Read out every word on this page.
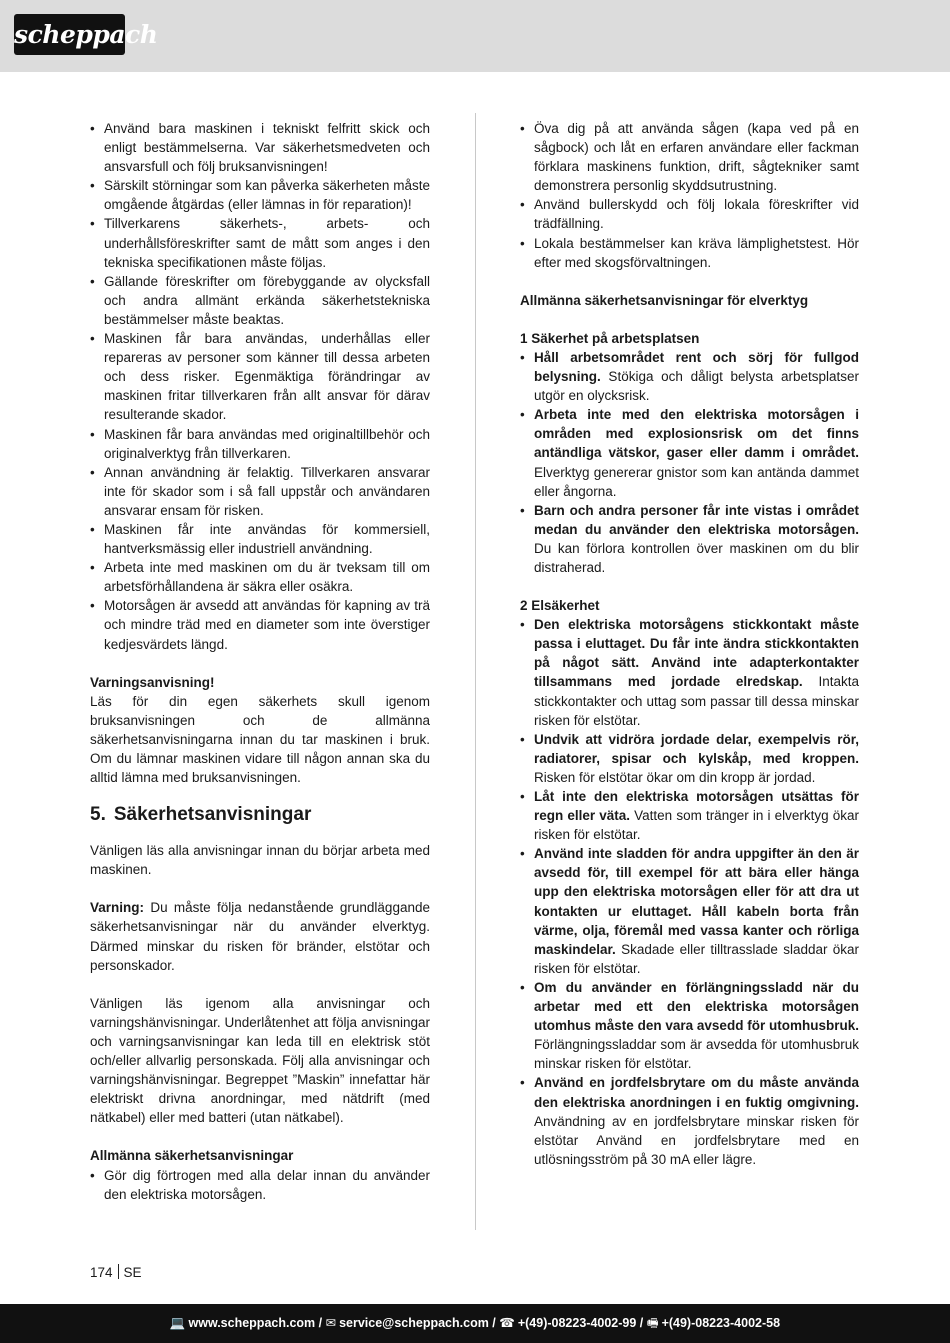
scheppach
• Använd bara maskinen i tekniskt felfritt skick och enligt bestämmelserna. Var säkerhetsmedveten och ansvarsfull och följ bruksanvisningen!
• Särskilt störningar som kan påverka säkerheten måste omgående åtgärdas (eller lämnas in för reparation)!
• Tillverkarens säkerhets-, arbets- och underhållsföreskrifter samt de mått som anges i den tekniska specifikationen måste följas.
• Gällande föreskrifter om förebyggande av olycksfall och andra allmänt erkända säkerhetstekniska bestämmelser måste beaktas.
• Maskinen får bara användas, underhållas eller repareras av personer som känner till dessa arbeten och dess risker. Egenmäktiga förändringar av maskinen fritar tillverkaren från allt ansvar för därav resulterande skador.
• Maskinen får bara användas med originaltillbehör och originalverktyg från tillverkaren.
• Annan användning är felaktig. Tillverkaren ansvarar inte för skador som i så fall uppstår och användaren ansvarar ensam för risken.
• Maskinen får inte användas för kommersiell, hantverksmässig eller industriell användning.
• Arbeta inte med maskinen om du är tveksam till om arbetsförhållandena är säkra eller osäkra.
• Motorsågen är avsedd att användas för kapning av trä och mindre träd med en diameter som inte överstiger kedjesvärdets längd.

Varningsanvisning!

Läs för din egen säkerhets skull igenom bruksanvisningen och de allmänna säkerhetsanvisningarna innan du tar maskinen i bruk. Om du lämnar maskinen vidare till någon annan ska du alltid lämna med bruksanvisningen.

5. Säkerhetsanvisningar

Vänligen läs alla anvisningar innan du börjar arbeta med maskinen.

Varning: Du måste följa nedanstående grundläggande säkerhetsanvisningar när du använder elverktyg. Därmed minskar du risken för bränder, elstötar och personskador.

Vänligen läs igenom alla anvisningar och varningshänvisningar. Underlåtenhet att följa anvisningar och varningsanvisningar kan leda till en elektrisk stöt och/eller allvarlig personskada. Följ alla anvisningar och varningshänvisningar. Begreppet ”Maskin” innefattar här elektriskt drivna anordningar, med nätdrift (med nätkabel) eller med batteri (utan nätkabel).

Allmänna säkerhetsanvisningar

• Gör dig förtrogen med alla delar innan du använder den elektriska motorsågen.
• Öva dig på att använda sågen (kapa ved på en sågbock) och låt en erfaren användare eller fackman förklara maskinens funktion, drift, sågtekniker samt demonstrera personlig skyddsutrustning.
• Använd bullerskydd och följ lokala föreskrifter vid trädfällning.
• Lokala bestämmelser kan kräva lämplighetstest. Hör efter med skogsförvaltningen.

Allmänna säkerhetsanvisningar för elverktyg

1 Säkerhet på arbetsplatsen

• Håll arbetsområdet rent och sörj för fullgod belysning. Stökiga och dåligt belysta arbetsplatser utgör en olycksrisk.
• Arbeta inte med den elektriska motorsågen i områden med explosionsrisk om det finns antändliga vätskor, gaser eller damm i området. Elverktyg genererar gnistor som kan antända dammet eller ångorna.
• Barn och andra personer får inte vistas i området medan du använder den elektriska motorsågen. Du kan förlora kontrollen över maskinen om du blir distraherad.

2 Elsäkerhet

• Den elektriska motorsågens stickkontakt måste passa i eluttaget. Du får inte ändra stickkontakten på något sätt. Använd inte adapterkontakter tillsammans med jordade elredskap. Intakta stickkontakter och uttag som passar till dessa minskar risken för elstötar.
• Undvik att vidröra jordade delar, exempelvis rör, radiatorer, spisar och kylskåp, med kroppen. Risken för elstötar ökar om din kropp är jordad.
• Låt inte den elektriska motorsågen utsättas för regn eller väta. Vatten som tränger in i elverktyg ökar risken för elstötar.
• Använd inte sladden för andra uppgifter än den är avsedd för, till exempel för att bära eller hänga upp den elektriska motorsågen eller för att dra ut kontakten ur eluttaget. Håll kabeln borta från värme, olja, föremål med vassa kanter och rörliga maskindelar. Skadade eller tilltrasslade sladdar ökar risken för elstötar.
• Om du använder en förlängningssladd när du arbetar med ett den elektriska motorsågen utomhus måste den vara avsedd för utomhusbruk. Förlängningssladdar som är avsedda för utomhusbruk minskar risken för elstötar.
• Använd en jordfelsbrytare om du måste använda den elektriska anordningen i en fuktig omgivning. Användning av en jordfelsbrytare minskar risken för elstötar Använd en jordfelsbrytare med en utlösningsström på 30 mA eller lägre.
174 SE
💻 www.scheppach.com / ✉ service@scheppach.com / ☎ +(49)-08223-4002-99 / 🖷 +(49)-08223-4002-58
